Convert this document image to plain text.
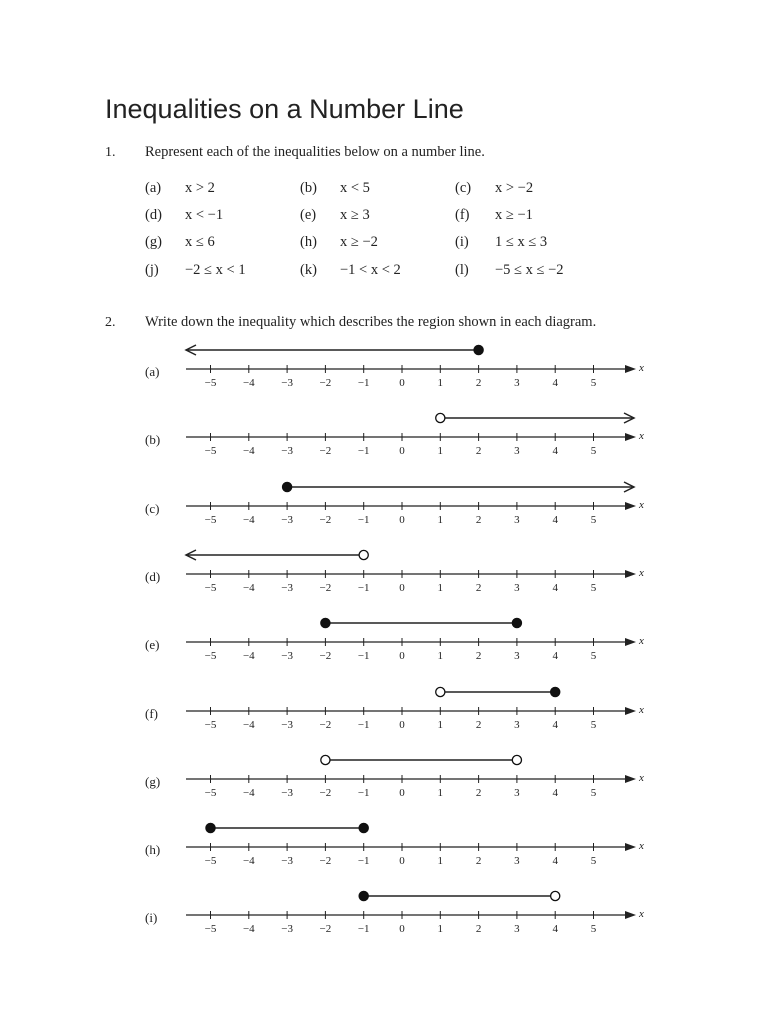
Inequalities on a Number Line
1. Represent each of the inequalities below on a number line.
(a) x > 2	(b) x < 5	(c) x > −2
(d) x < −1	(e) x ≥ 3	(f) x ≥ −1
(g) x ≤ 6	(h) x ≥ −2	(i) 1 ≤ x ≤ 3
(j) −2 ≤ x < 1	(k) −1 < x < 2	(l) −5 ≤ x ≤ −2
2. Write down the inequality which describes the region shown in each diagram.
(a)	x
−5 −4 −3 −2 −1	0	1	2	3	4	5
(b)	x
−5 −4 −3 −2 −1	0	1	2	3	4	5
(c)	x
−5 −4 −3 −2 −1	0	1	2	3	4	5
(d)	x
−5 −4 −3 −2 −1	0	1	2	3	4	5
(e)	x
−5 −4 −3 −2 −1	0	1	2	3	4	5
(f)	x
−5 −4 −3 −2 −1	0	1	2	3	4	5
(g)	x
−5 −4 −3 −2 −1	0	1	2	3	4	5
(h)	x
−5 −4 −3 −2 −1	0	1	2	3	4	5
(i)	x
−5 −4 −3 −2 −1	0	1	2	3	4	5
